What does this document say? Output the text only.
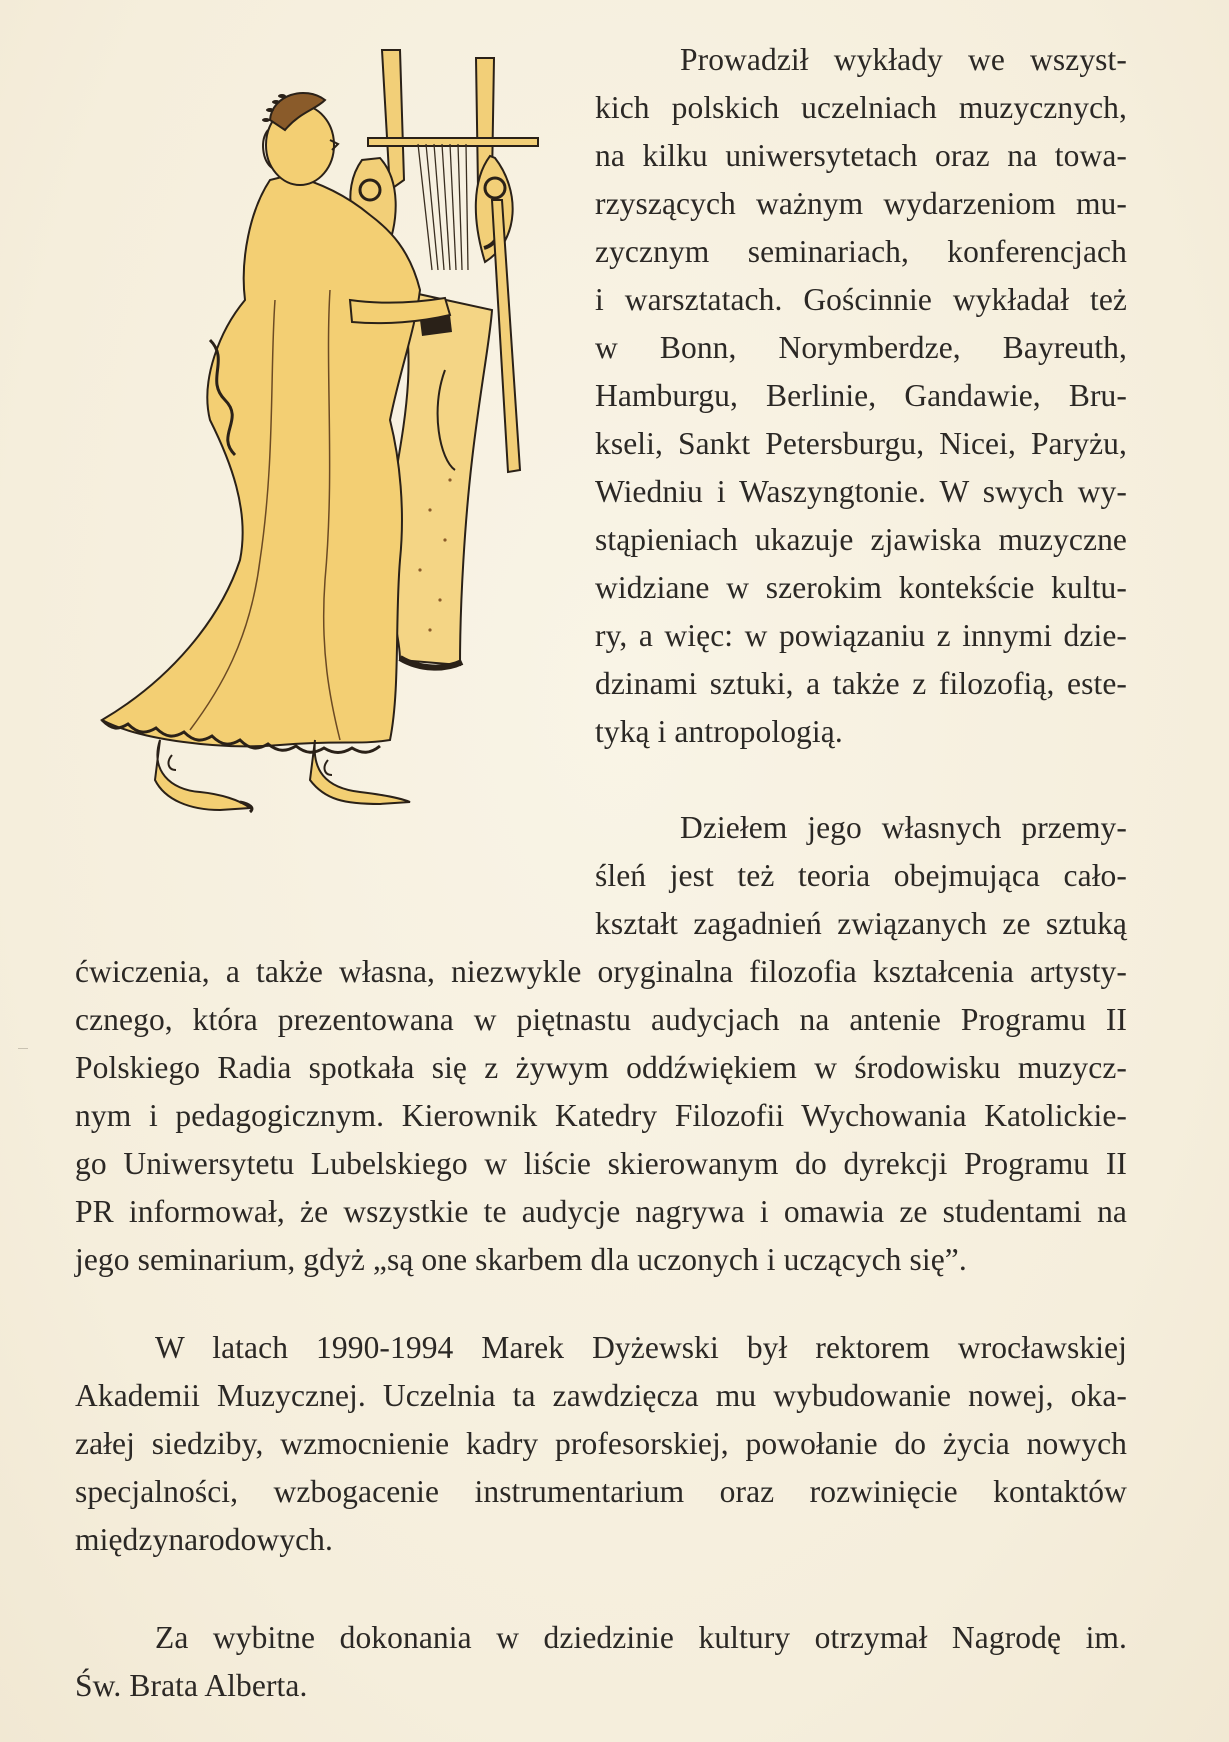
Prowadził wykłady we wszyst-
kich polskich uczelniach muzycznych,
na kilku uniwersytetach oraz na towa-
rzyszących ważnym wydarzeniom mu-
zycznym seminariach, konferencjach
i warsztatach. Gościnnie wykładał też
w Bonn, Norymberdze, Bayreuth,
Hamburgu, Berlinie, Gandawie, Bru-
kseli, Sankt Petersburgu, Nicei, Paryżu,
Wiedniu i Waszyngtonie. W swych wy-
stąpieniach ukazuje zjawiska muzyczne
widziane w szerokim kontekście kultu-
ry, a więc: w powiązaniu z innymi dzie-
dzinami sztuki, a także z filozofią, este-
tyką i antropologią.
Dziełem jego własnych przemy-
śleń jest też teoria obejmująca cało-
kształt zagadnień związanych ze sztuką
ćwiczenia, a także własna, niezwykle oryginalna filozofia kształcenia artysty-
cznego, która prezentowana w piętnastu audycjach na antenie Programu II
Polskiego Radia spotkała się z żywym oddźwiękiem w środowisku muzycz-
nym i pedagogicznym. Kierownik Katedry Filozofii Wychowania Katolickie-
go Uniwersytetu Lubelskiego w liście skierowanym do dyrekcji Programu II
PR informował, że wszystkie te audycje nagrywa i omawia ze studentami na
jego seminarium, gdyż „są one skarbem dla uczonych i uczących się”.
W latach 1990-1994 Marek Dyżewski był rektorem wrocławskiej
Akademii Muzycznej. Uczelnia ta zawdzięcza mu wybudowanie nowej, oka-
załej siedziby, wzmocnienie kadry profesorskiej, powołanie do życia nowych
specjalności, wzbogacenie instrumentarium oraz rozwinięcie kontaktów
międzynarodowych.
Za wybitne dokonania w dziedzinie kultury otrzymał Nagrodę im.
Św. Brata Alberta.
